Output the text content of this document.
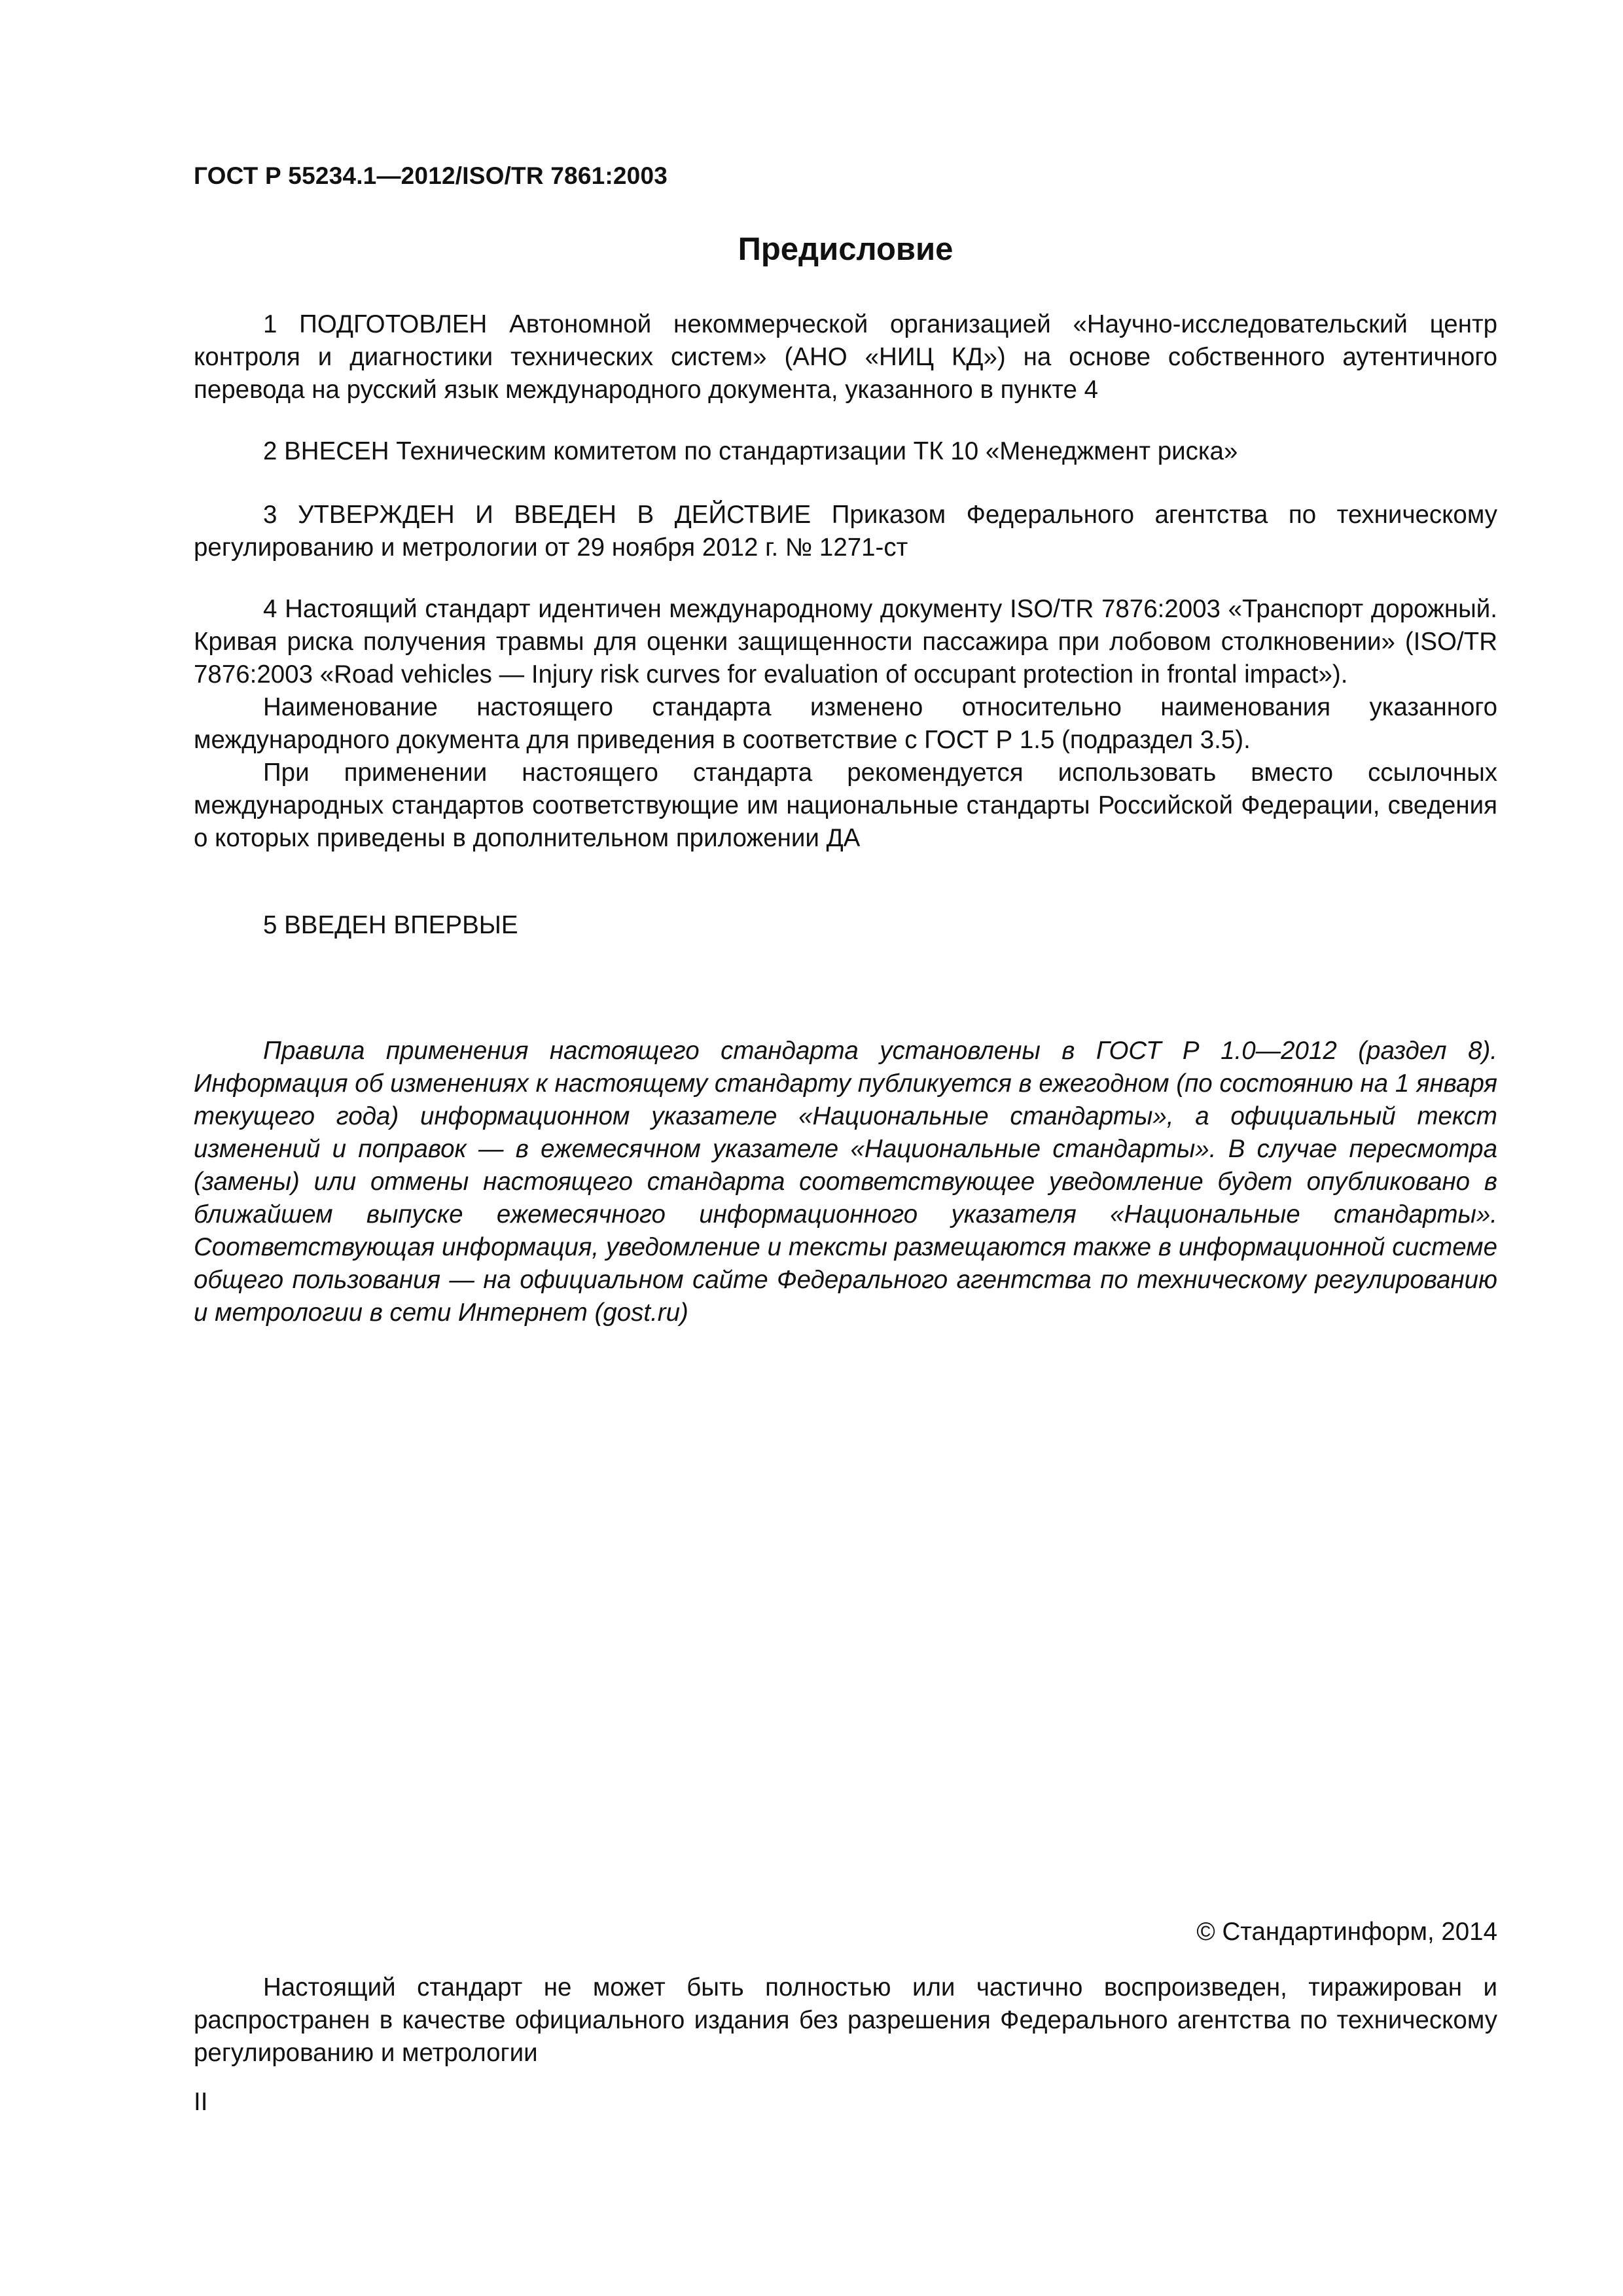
ГОСТ Р 55234.1—2012/ISO/TR 7861:2003
Предисловие

1 ПОДГОТОВЛЕН Автономной некоммерческой организацией «Научно-исследовательский центр контроля и диагностики технических систем» (АНО «НИЦ КД») на основе собственного аутентичного перевода на русский язык международного документа, указанного в пункте 4

2 ВНЕСЕН Техническим комитетом по стандартизации ТК 10 «Менеджмент риска»

3 УТВЕРЖДЕН И ВВЕДЕН В ДЕЙСТВИЕ Приказом Федерального агентства по техническому регулированию и метрологии от 29 ноября 2012 г. № 1271-ст

4 Настоящий стандарт идентичен международному документу ISO/TR 7876:2003 «Транспорт дорожный. Кривая риска получения травмы для оценки защищенности пассажира при лобовом столкновении» (ISO/TR 7876:2003 «Road vehicles — Injury risk curves for evaluation of occupant protection in frontal impact»).

Наименование настоящего стандарта изменено относительно наименования указанного международного документа для приведения в соответствие с ГОСТ Р 1.5 (подраздел 3.5).

При применении настоящего стандарта рекомендуется использовать вместо ссылочных международных стандартов соответствующие им национальные стандарты Российской Федерации, сведения о которых приведены в дополнительном приложении ДА

5 ВВЕДЕН ВПЕРВЫЕ

Правила применения настоящего стандарта установлены в ГОСТ Р 1.0—2012 (раздел 8). Информация об изменениях к настоящему стандарту публикуется в ежегодном (по состоянию на 1 января текущего года) информационном указателе «Национальные стандарты», а официальный текст изменений и поправок — в ежемесячном указателе «Национальные стандарты». В случае пересмотра (замены) или отмены настоящего стандарта соответствующее уведомление будет опубликовано в ближайшем выпуске ежемесячного информационного указателя «Национальные стандарты». Соответствующая информация, уведомление и тексты размещаются также в информационной системе общего пользования — на официальном сайте Федерального агентства по техническому регулированию и метрологии в сети Интернет (gost.ru)

© Стандартинформ, 2014

Настоящий стандарт не может быть полностью или частично воспроизведен, тиражирован и распространен в качестве официального издания без разрешения Федерального агентства по техническому регулированию и метрологии

II
